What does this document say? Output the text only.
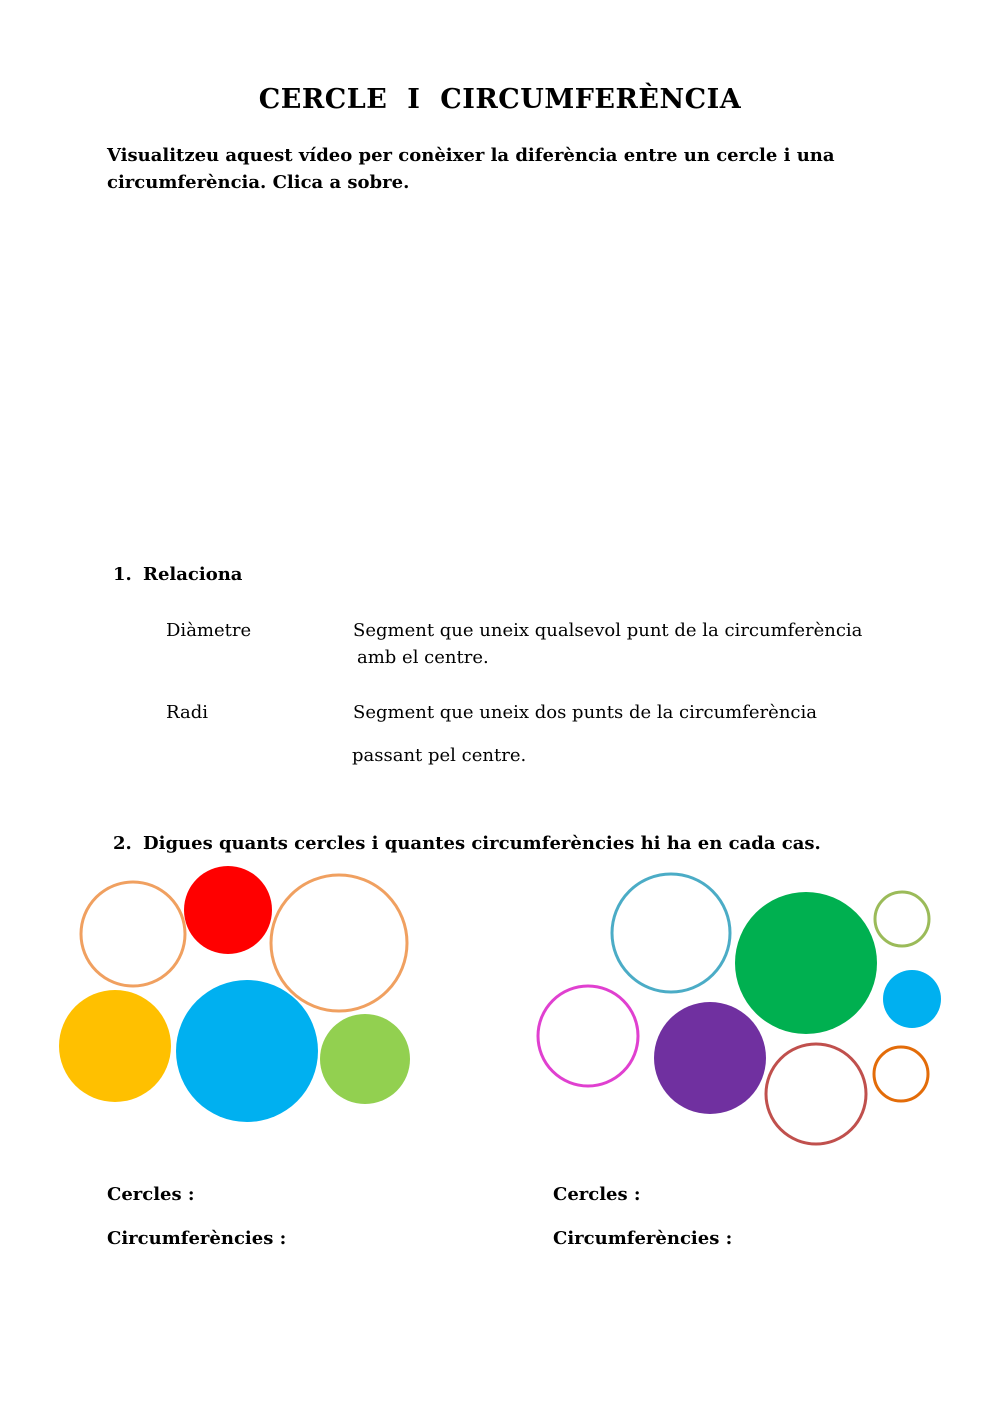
CERCLE I CIRCUMFERÈNCIA
Visualitzeu aquest vídeo per conèixer la diferència entre un cercle i una
circumferència. Clica a sobre.
1. Relaciona
Diàmetre	Segment que uneix qualsevol punt de la circumferència
amb el centre.
Radi	Segment que uneix dos punts de la circumferència
passant pel centre.
2. Digues quants cercles i quantes circumferències hi ha en cada cas.
Cercles :
Circumferències :
Cercles :
Circumferències :
